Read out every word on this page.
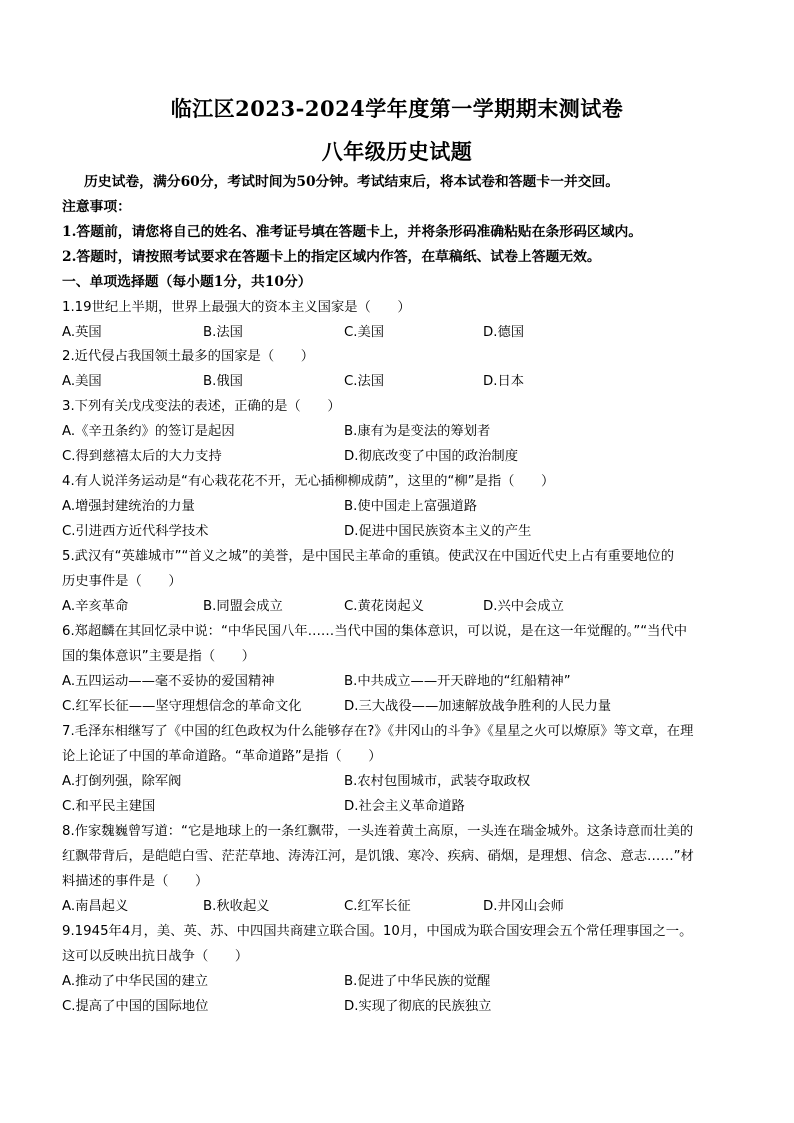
临江区2023-2024学年度第一学期期末测试卷
八年级历史试题
历史试卷，满分60分，考试时间为50分钟。考试结束后，将本试卷和答题卡一并交回。
注意事项：
1.答题前，请您将自己的姓名、准考证号填在答题卡上，并将条形码准确粘贴在条形码区域内。
2.答题时，请按照考试要求在答题卡上的指定区域内作答，在草稿纸、试卷上答题无效。
一、单项选择题（每小题1分，共10分）
1.19世纪上半期，世界上最强大的资本主义国家是（　　）
A.英国	B.法国	C.美国	D.德国
2.近代侵占我国领土最多的国家是（　　）
A.美国	B.俄国	C.法国	D.日本
3.下列有关戊戌变法的表述，正确的是（　　）
A.《辛丑条约》的签订是起因	B.康有为是变法的筹划者
C.得到慈禧太后的大力支持	D.彻底改变了中国的政治制度
4.有人说洋务运动是“有心栽花花不开，无心插柳柳成荫”，这里的“柳”是指（　　）
A.增强封建统治的力量	B.使中国走上富强道路
C.引进西方近代科学技术	D.促进中国民族资本主义的产生
5.武汉有“英雄城市”“首义之城”的美誉，是中国民主革命的重镇。使武汉在中国近代史上占有重要地位的
历史事件是（　　）
A.辛亥革命	B.同盟会成立	C.黄花岗起义	D.兴中会成立
6.郑超麟在其回忆录中说：“中华民国八年……当代中国的集体意识，可以说，是在这一年觉醒的。”“当代中
国的集体意识”主要是指（　　）
A.五四运动——毫不妥协的爱国精神	B.中共成立——开天辟地的“红船精神”
C.红军长征——坚守理想信念的革命文化	D.三大战役——加速解放战争胜利的人民力量
7.毛泽东相继写了《中国的红色政权为什么能够存在?》《井冈山的斗争》《星星之火可以燎原》等文章，在理
论上论证了中国的革命道路。“革命道路”是指（　　）
A.打倒列强，除军阀	B.农村包围城市，武装夺取政权
C.和平民主建国	D.社会主义革命道路
8.作家魏巍曾写道：“它是地球上的一条红飘带，一头连着黄土高原，一头连在瑞金城外。这条诗意而壮美的
红飘带背后，是皑皑白雪、茫茫草地、涛涛江河，是饥饿、寒冷、疾病、硝烟，是理想、信念、意志……”材
料描述的事件是（　　）
A.南昌起义	B.秋收起义	C.红军长征	D.井冈山会师
9.1945年4月，美、英、苏、中四国共商建立联合国。10月，中国成为联合国安理会五个常任理事国之一。
这可以反映出抗日战争（　　）
A.推动了中华民国的建立	B.促进了中华民族的觉醒
C.提高了中国的国际地位	D.实现了彻底的民族独立
